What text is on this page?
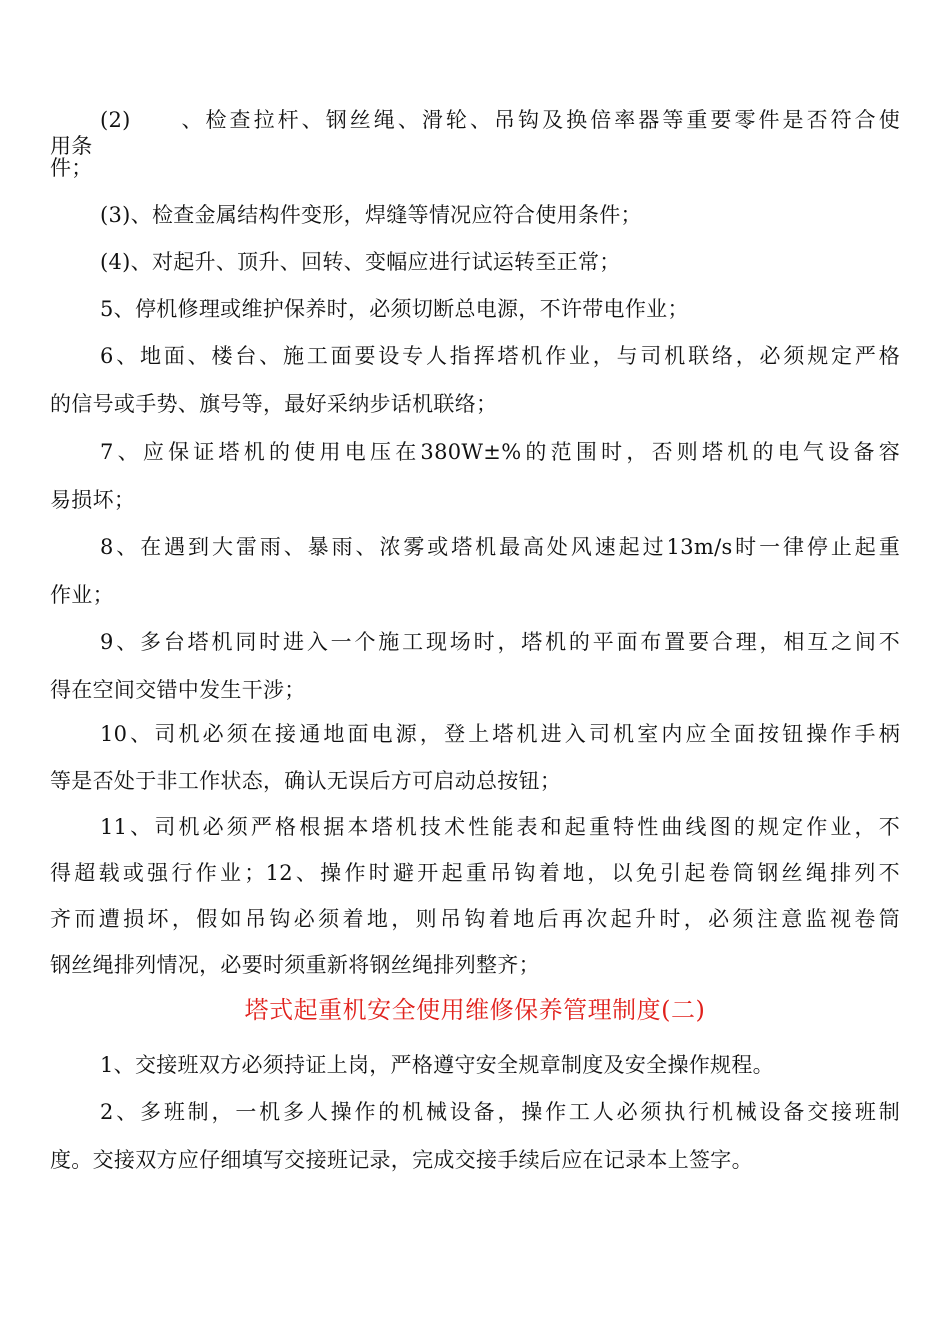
(2)　　、检查拉杆、钢丝绳、滑轮、吊钩及换倍率器等重要零件是否符合使
用条
件；
(3)、检查金属结构件变形，焊缝等情况应符合使用条件；
(4)、对起升、顶升、回转、变幅应进行试运转至正常；
5、停机修理或维护保养时，必须切断总电源，不许带电作业；
6、地面、楼台、施工面要设专人指挥塔机作业，与司机联络，必须规定严格
的信号或手势、旗号等，最好采纳步话机联络；
7、应保证塔机的使用电压在380W±%的范围时，否则塔机的电气设备容
易损坏；
8、在遇到大雷雨、暴雨、浓雾或塔机最高处风速起过13m/s时一律停止起重
作业；
9、多台塔机同时进入一个施工现场时，塔机的平面布置要合理，相互之间不
得在空间交错中发生干涉；
10、司机必须在接通地面电源，登上塔机进入司机室内应全面按钮操作手柄
等是否处于非工作状态，确认无误后方可启动总按钮；
11、司机必须严格根据本塔机技术性能表和起重特性曲线图的规定作业，不
得超载或强行作业；12、操作时避开起重吊钩着地，以免引起卷筒钢丝绳排列不
齐而遭损坏，假如吊钩必须着地，则吊钩着地后再次起升时，必须注意监视卷筒
钢丝绳排列情况，必要时须重新将钢丝绳排列整齐；
塔式起重机安全使用维修保养管理制度(二)
1、交接班双方必须持证上岗，严格遵守安全规章制度及安全操作规程。
2、多班制，一机多人操作的机械设备，操作工人必须执行机械设备交接班制
度。交接双方应仔细填写交接班记录，完成交接手续后应在记录本上签字。
